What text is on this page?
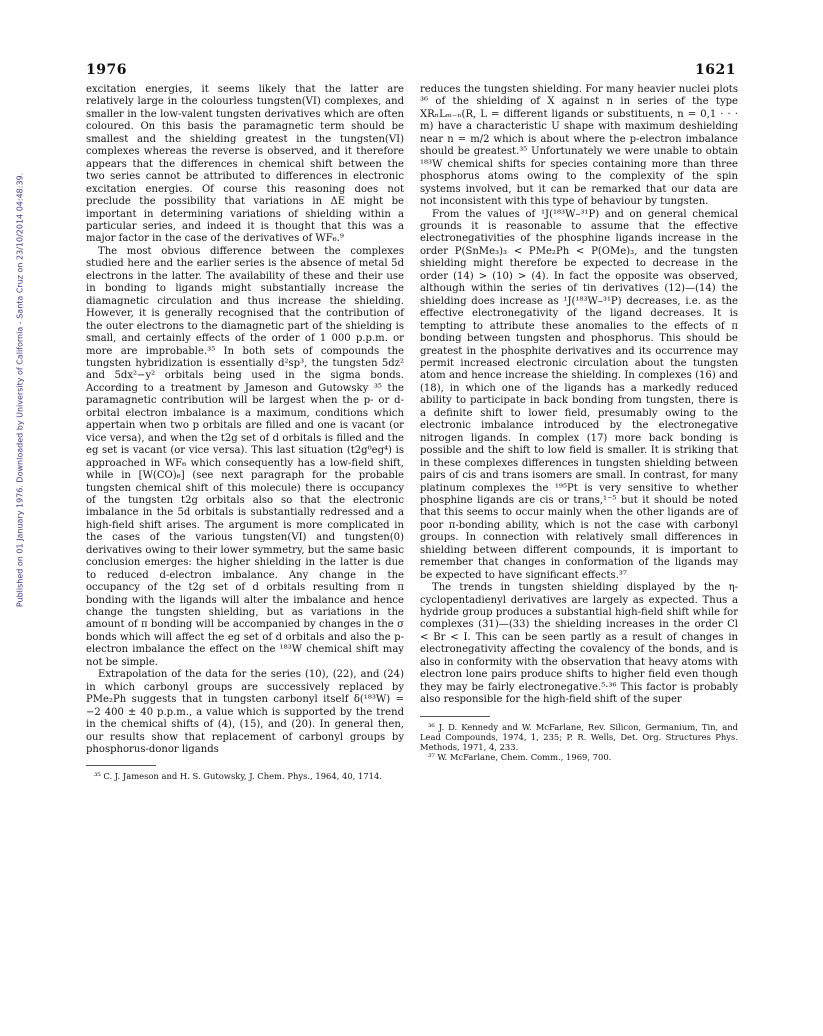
Published on 01 January 1976. Downloaded by University of California - Santa Cruz on 23/10/2014 04:48:39.
1976	1621

excitation energies, it seems likely that the latter are relatively large in the colourless tungsten(VI) complexes, and smaller in the low-valent tungsten derivatives which are often coloured. On this basis the paramagnetic term should be smallest and the shielding greatest in the tungsten(VI) complexes whereas the reverse is observed, and it therefore appears that the differences in chemical shift between the two series cannot be attributed to differences in electronic excitation energies. Of course this reasoning does not preclude the possibility that variations in ΔE might be important in determining variations of shielding within a particular series, and indeed it is thought that this was a major factor in the case of the derivatives of WF₆.⁹

The most obvious difference between the complexes studied here and the earlier series is the absence of metal 5d electrons in the latter. The availability of these and their use in bonding to ligands might substantially increase the diamagnetic circulation and thus increase the shielding. However, it is generally recognised that the contribution of the outer electrons to the diamagnetic part of the shielding is small, and certainly effects of the order of 1 000 p.p.m. or more are improbable.³⁵ In both sets of compounds the tungsten hybridization is essentially d²sp³, the tungsten 5dz² and 5dx²−y² orbitals being used in the sigma bonds. According to a treatment by Jameson and Gutowsky ³⁵ the paramagnetic contribution will be largest when the p- or d-orbital electron imbalance is a maximum, conditions which appertain when two p orbitals are filled and one is vacant (or vice versa), and when the t2g set of d orbitals is filled and the eg set is vacant (or vice versa). This last situation (t2g⁰eg⁴) is approached in WF₆ which consequently has a low-field shift, while in [W(CO)₆] (see next paragraph for the probable tungsten chemical shift of this molecule) there is occupancy of the tungsten t2g orbitals also so that the electronic imbalance in the 5d orbitals is substantially redressed and a high-field shift arises. The argument is more complicated in the cases of the various tungsten(VI) and tungsten(0) derivatives owing to their lower symmetry, but the same basic conclusion emerges: the higher shielding in the latter is due to reduced d-electron imbalance. Any change in the occupancy of the t2g set of d orbitals resulting from π bonding with the ligands will alter the imbalance and hence change the tungsten shielding, but as variations in the amount of π bonding will be accompanied by changes in the σ bonds which will affect the eg set of d orbitals and also the p-electron imbalance the effect on the ¹⁸³W chemical shift may not be simple.

Extrapolation of the data for the series (10), (22), and (24) in which carbonyl groups are successively replaced by PMe₂Ph suggests that in tungsten carbonyl itself δ(¹⁸³W) = −2 400 ± 40 p.p.m., a value which is supported by the trend in the chemical shifts of (4), (15), and (20). In general then, our results show that replacement of carbonyl groups by phosphorus-donor ligands

³⁵ C. J. Jameson and H. S. Gutowsky, J. Chem. Phys., 1964, 40, 1714.

reduces the tungsten shielding. For many heavier nuclei plots ³⁶ of the shielding of X against n in series of the type XRₙLₘ₋ₙ(R, L = different ligands or substituents, n = 0,1 · · · m) have a characteristic U shape with maximum deshielding near n = m/2 which is about where the p-electron imbalance should be greatest.³⁵ Unfortunately we were unable to obtain ¹⁸³W chemical shifts for species containing more than three phosphorus atoms owing to the complexity of the spin systems involved, but it can be remarked that our data are not inconsistent with this type of behaviour by tungsten.

From the values of ¹J(¹⁸³W–³¹P) and on general chemical grounds it is reasonable to assume that the effective electronegativities of the phosphine ligands increase in the order P(SnMe₃)₃ < PMe₂Ph < P(OMe)₃, and the tungsten shielding might therefore be expected to decrease in the order (14) > (10) > (4). In fact the opposite was observed, although within the series of tin derivatives (12)—(14) the shielding does increase as ¹J(¹⁸³W–³¹P) decreases, i.e. as the effective electronegativity of the ligand decreases. It is tempting to attribute these anomalies to the effects of π bonding between tungsten and phosphorus. This should be greatest in the phosphite derivatives and its occurrence may permit increased electronic circulation about the tungsten atom and hence increase the shielding. In complexes (16) and (18), in which one of the ligands has a markedly reduced ability to participate in back bonding from tungsten, there is a definite shift to lower field, presumably owing to the electronic imbalance introduced by the electronegative nitrogen ligands. In complex (17) more back bonding is possible and the shift to low field is smaller. It is striking that in these complexes differences in tungsten shielding between pairs of cis and trans isomers are small. In contrast, for many platinum complexes the ¹⁹⁵Pt is very sensitive to whether phosphine ligands are cis or trans,¹⁻⁵ but it should be noted that this seems to occur mainly when the other ligands are of poor π-bonding ability, which is not the case with carbonyl groups. In connection with relatively small differences in shielding between different compounds, it is important to remember that changes in conformation of the ligands may be expected to have significant effects.³⁷

The trends in tungsten shielding displayed by the η-cyclopentadienyl derivatives are largely as expected. Thus a hydride group produces a substantial high-field shift while for complexes (31)—(33) the shielding increases in the order Cl < Br < I. This can be seen partly as a result of changes in electronegativity affecting the covalency of the bonds, and is also in conformity with the observation that heavy atoms with electron lone pairs produce shifts to higher field even though they may be fairly electronegative.⁵·³⁶ This factor is probably also responsible for the high-field shift of the super

³⁶ J. D. Kennedy and W. McFarlane, Rev. Silicon, Germanium, Tin, and Lead Compounds, 1974, 1, 235; P. R. Wells, Det. Org. Structures Phys. Methods, 1971, 4, 233.

³⁷ W. McFarlane, Chem. Comm., 1969, 700.
